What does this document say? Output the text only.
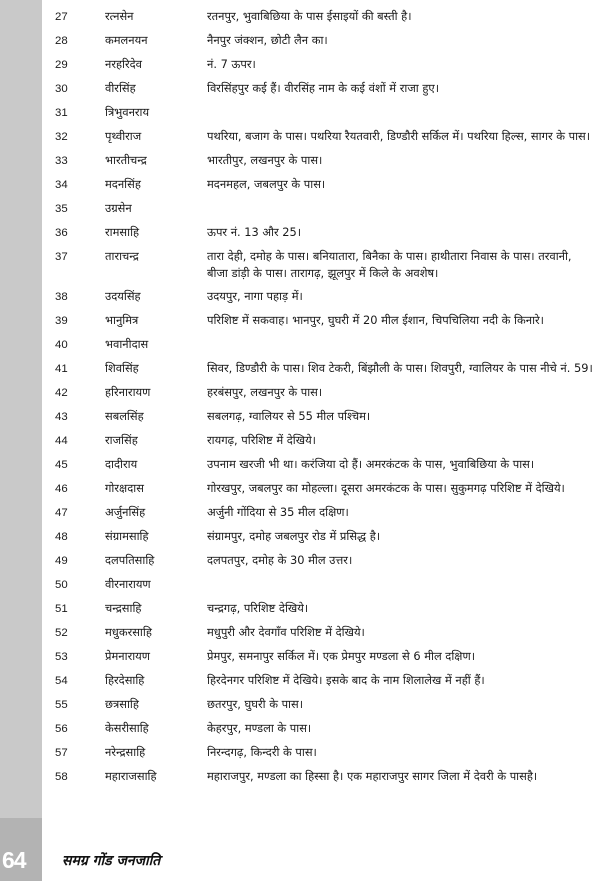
64	समग्र गोंड जनजाति
27	रत्नसेन	रतनपुर, भुवाबिछिया के पास ईसाइयों की बस्ती है।
28	कमलनयन	नैनपुर जंक्शन, छोटी लैन का।
29	नरहरिदेव	नं. 7 ऊपर।
30	वीरसिंह	विरसिंहपुर कई हैं। वीरसिंह नाम के कई वंशों में राजा हुए।
31	त्रिभुवनराय	
32	पृथ्वीराज	पथरिया, बजाग के पास। पथरिया रैयतवारी, डिण्डौरी सर्किल में। पथरिया हिल्स, सागर के पास।
33	भारतीचन्द्र	भारतीपुर, लखनपुर के पास।
34	मदनसिंह	मदनमहल, जबलपुर के पास।
35	उग्रसेन	
36	रामसाहि	ऊपर नं. 13 और 25।
37	ताराचन्द्र	तारा देही, दमोह के पास। बनियातारा, बिनैका के पास। हाथीतारा निवास के पास। तरवानी, बीजा डांड़ी के पास। तारागढ़, झूलपुर में किले के अवशेष।
38	उदयसिंह	उदयपुर, नागा पहाड़ में।
39	भानुमित्र	परिशिष्ट में सकवाह। भानपुर, घुघरी में 20 मील ईशान, चिपचिलिया नदी के किनारे।
40	भवानीदास	
41	शिवसिंह	सिवर, डिण्डौरी के पास। शिव टेकरी, बिंझौली के पास। शिवपुरी, ग्वालियर के पास नीचे नं. 59।
42	हरिनारायण	हरबंसपुर, लखनपुर के पास।
43	सबलसिंह	सबलगढ़, ग्वालियर से 55 मील पश्चिम।
44	राजसिंह	रायगढ़, परिशिष्ट में देखिये।
45	दादीराय	उपनाम खरजी भी था। करंजिया दो हैं। अमरकंटक के पास, भुवाबिछिया के पास।
46	गोरक्षदास	गोरखपुर, जबलपुर का मोहल्ला। दूसरा अमरकंटक के पास। सुकुमगढ़ परिशिष्ट में देखिये।
47	अर्जुनसिंह	अर्जुनी गोंदिया से 35 मील दक्षिण।
48	संग्रामसाहि	संग्रामपुर, दमोह जबलपुर रोड में प्रसिद्ध है।
49	दलपतिसाहि	दलपतपुर, दमोह के 30 मील उत्तर।
50	वीरनारायण	
51	चन्द्रसाहि	चन्द्रगढ़, परिशिष्ट देखिये।
52	मधुकरसाहि	मधुपुरी और देवगाँव परिशिष्ट में देखिये।
53	प्रेमनारायण	प्रेमपुर, समनापुर सर्किल में। एक प्रेमपुर मण्डला से 6 मील दक्षिण।
54	हिरदेसाहि	हिरदेनगर परिशिष्ट में देखिये। इसके बाद के नाम शिलालेख में नहीं हैं।
55	छत्रसाहि	छतरपुर, घुघरी के पास।
56	केसरीसाहि	केहरपुर, मण्डला के पास।
57	नरेन्द्रसाहि	निरन्दगढ़, किन्दरी के पास।
58	महाराजसाहि	महाराजपुर, मण्डला का हिस्सा है। एक महाराजपुर सागर जिला में देवरी के पासहै।
